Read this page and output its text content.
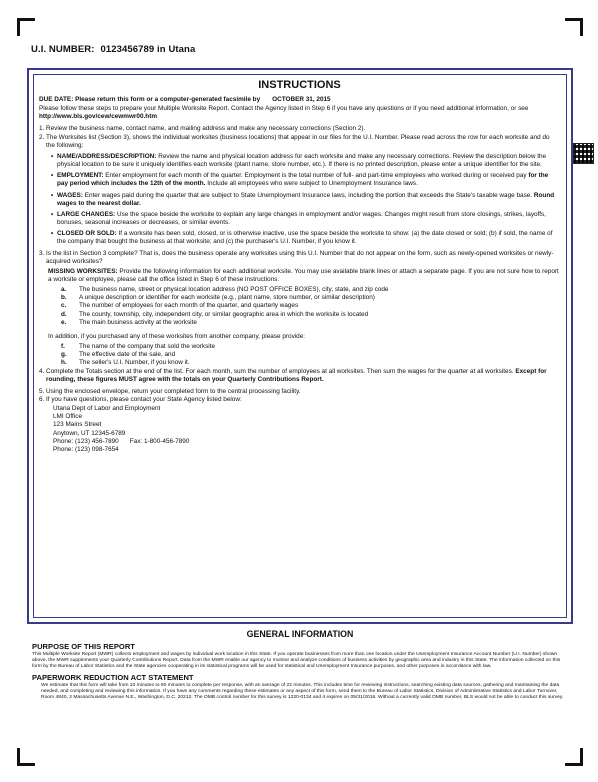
U.I. NUMBER: 0123456789 in Utana
INSTRUCTIONS

DUE DATE: Please return this form or a computer-generated facsimile by OCTOBER 31, 2015

Please follow these steps to prepare your Multiple Worksite Report. Contact the Agency listed in Step 6 if you have any questions or if you need additional information, or see http://www.bls.gov/cew/cewmwr00.htm

1. Review the business name, contact name, and mailing address and make any necessary corrections (Section 2).
2. The Worksites list (Section 3), shows the individual worksites (business locations) that appear in our files for the U.I. Number. Please read across the row for each worksite and do the following:
• NAME/ADDRESS/DESCRIPTION: Review the name and physical location address for each worksite and make any necessary corrections. Review the description below the physical location to be sure it uniquely identifies each worksite (plant name, store number, etc.). If there is no printed description, please enter a unique identifier for the site.
• EMPLOYMENT: Enter employment for each month of the quarter. Employment is the total number of full- and part-time employees who worked during or received pay for the pay period which includes the 12th of the month. Include all employees who were subject to Unemployment Insurance laws.
• WAGES: Enter wages paid during the quarter that are subject to State Unemployment Insurance laws, including the portion that exceeds the State's taxable wage base. Round wages to the nearest dollar.
• LARGE CHANGES: Use the space beside the worksite to explain any large changes in employment and/or wages. Changes might result from store closings, strikes, layoffs, bonuses, seasonal increases or decreases, or similar events.
• CLOSED OR SOLD: If a worksite has been sold, closed, or is otherwise inactive, use the space beside the worksite to show: (a) the date closed or sold; (b) if sold, the name of the company that bought the business at that worksite; and (c) the purchaser's U.I. Number, if you know it.
3. Is the list in Section 3 complete? That is, does the business operate any worksites using this U.I. Number that do not appear on the form, such as newly-opened worksites or newly-acquired worksites?
MISSING WORKSITES: Provide the following information for each additional worksite. You may use available blank lines or attach a separate page. If you are not sure how to report a worksite or employee, please call the office listed in Step 6 of these instructions.
a.	The business name, street or physical location address (NO POST OFFICE BOXES), city, state, and zip code
b.	A unique description or identifier for each worksite (e.g., plant name, store number, or similar description)
c.	The number of employees for each month of the quarter, and quarterly wages
d.	The county, township, city, independent city, or similar geographic area in which the worksite is located
e.	The main business activity at the worksite
In addition, if you purchased any of these worksites from another company, please provide:
f.	The name of the company that sold the worksite
g.	The effective date of the sale, and
h.	The seller's U.I. Number, if you know it.
4. Complete the Totals section at the end of the list. For each month, sum the number of employees at all worksites. Then sum the wages for the quarter at all worksites. Except for rounding, these figures MUST agree with the totals on your Quarterly Contributions Report.
5. Using the enclosed envelope, return your completed form to the central processing facility.
6. If you have questions, please contact your State Agency listed below:
Utana Dept of Labor and Employment
LMI Office
123 Mains Street
Anytown, UT 12345-6789
Phone: (123) 456-7890 Fax: 1-800-456-7890
Phone: (123) 098-7654
GENERAL INFORMATION
PURPOSE OF THIS REPORT
This Multiple Worksite Report (MWR) collects employment and wages by individual work location in this State. If you operate businesses from more than one location under the Unemployment Insurance Account Number (U.I. Number) shown above, the MWR supplements your Quarterly Contributions Report. Data from the MWR enable our agency to monitor and analyze conditions of business activities by geographic area and industry in this State. The information collected on this form by the Bureau of Labor Statistics and the State agencies cooperating in its statistical programs will be used for statistical and Unemployment Insurance purposes, and other purposes in accordance with law.
PAPERWORK REDUCTION ACT STATEMENT
We estimate that this form will take from 10 minutes to 60 minutes to complete per response, with an average of 22 minutes. This includes time for reviewing instructions, searching existing data sources, gathering and maintaining the data needed, and completing and reviewing this information. If you have any comments regarding these estimates or any aspect of this form, send them to the Bureau of Labor Statistics, Division of Administrative Statistics and Labor Turnover, Room 4840, 2 Massachusetts Avenue N.E., Washington, D.C. 20212. The OMB control number for this survey is 1220-0134 and it expires on 05/31/2016. Without a currently valid OMB number, BLS would not be able to conduct this survey.
